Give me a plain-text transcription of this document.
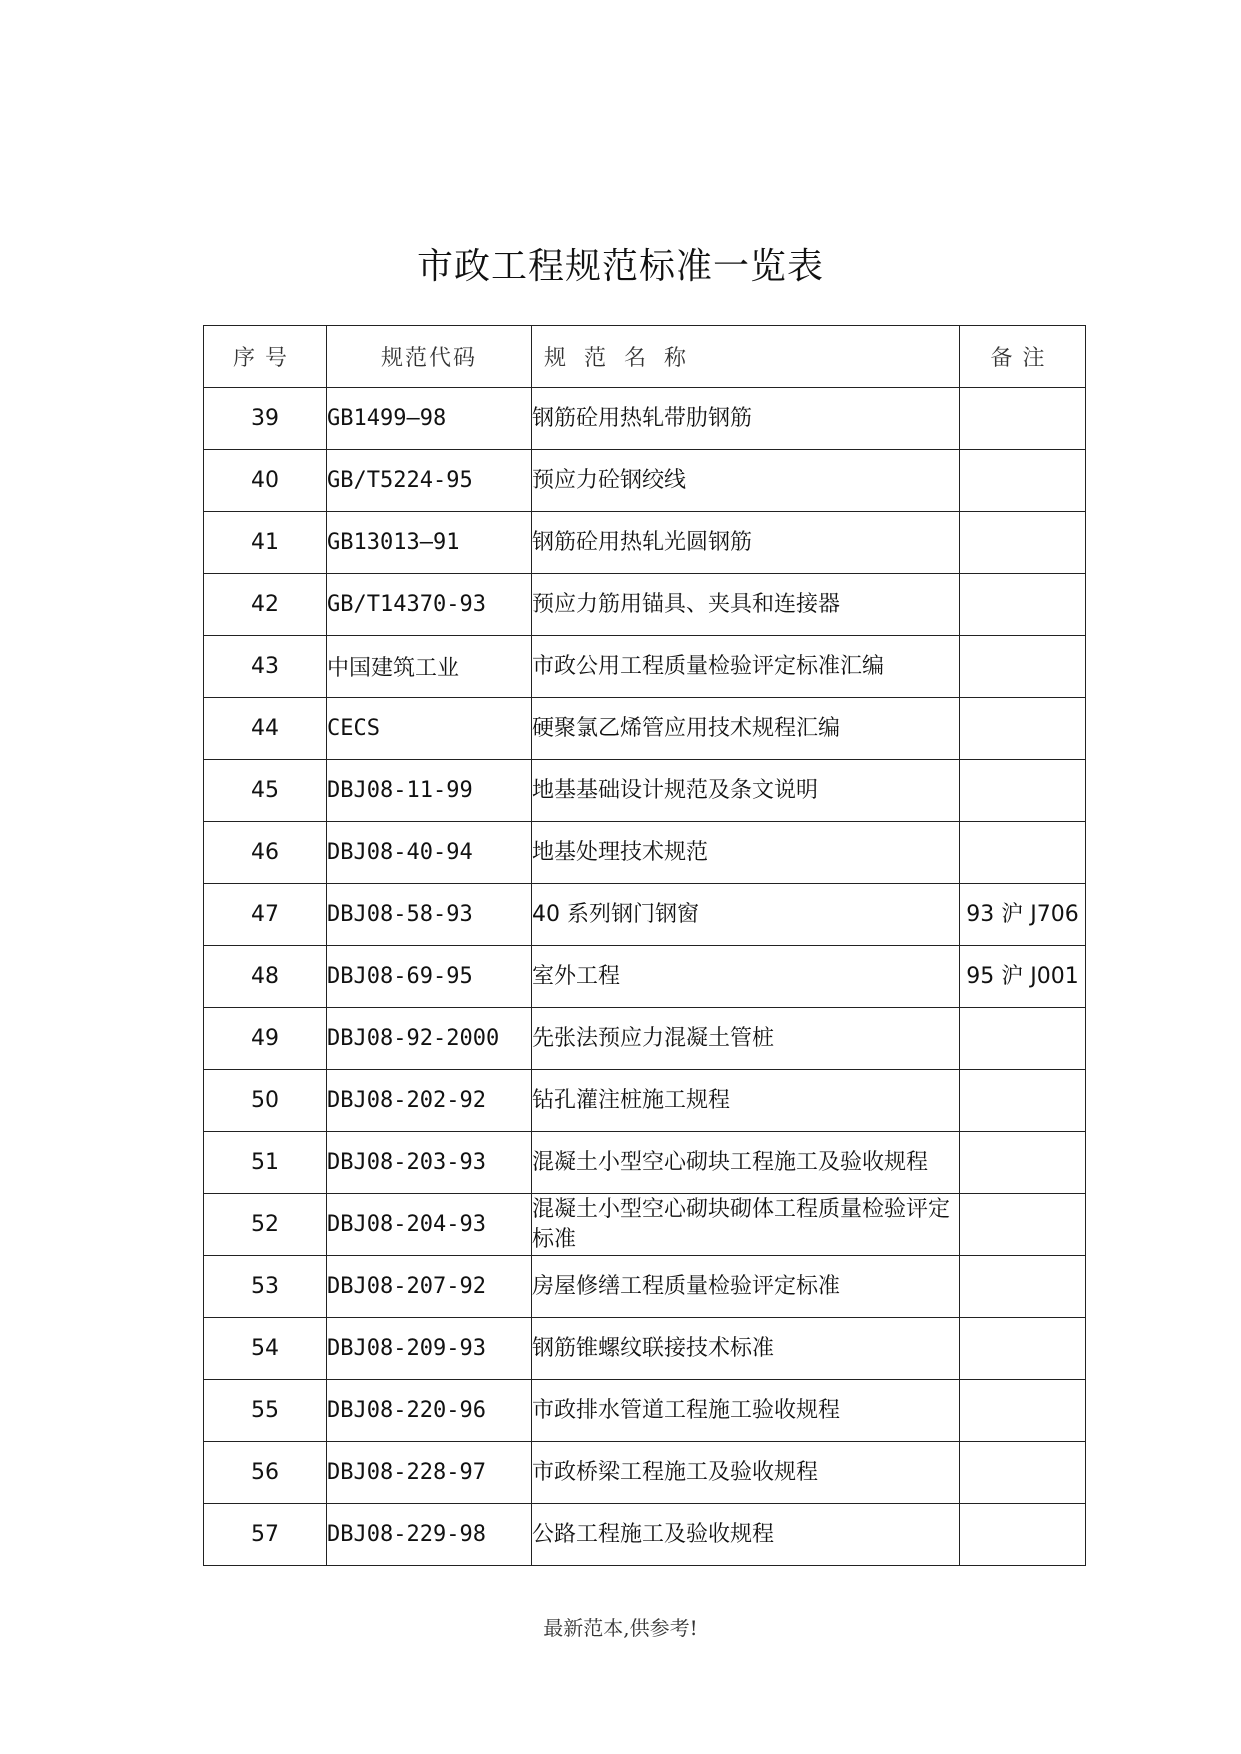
市政工程规范标准一览表
序号	规范代码	规范名称	备注
39	GB1499—98	钢筋砼用热轧带肋钢筋	
40	GB/T5224-95	预应力砼钢绞线	
41	GB13013—91	钢筋砼用热轧光圆钢筋	
42	GB/T14370-93	预应力筋用锚具、夹具和连接器	
43	中国建筑工业	市政公用工程质量检验评定标准汇编	
44	CECS	硬聚氯乙烯管应用技术规程汇编	
45	DBJ08-11-99	地基基础设计规范及条文说明	
46	DBJ08-40-94	地基处理技术规范	
47	DBJ08-58-93	40 系列钢门钢窗	93 沪 J706
48	DBJ08-69-95	室外工程	95 沪 J001
49	DBJ08-92-2000	先张法预应力混凝土管桩	
50	DBJ08-202-92	钻孔灌注桩施工规程	
51	DBJ08-203-93	混凝土小型空心砌块工程施工及验收规程	
52	DBJ08-204-93	混凝土小型空心砌块砌体工程质量检验评定标准	
53	DBJ08-207-92	房屋修缮工程质量检验评定标准	
54	DBJ08-209-93	钢筋锥螺纹联接技术标准	
55	DBJ08-220-96	市政排水管道工程施工验收规程	
56	DBJ08-228-97	市政桥梁工程施工及验收规程	
57	DBJ08-229-98	公路工程施工及验收规程	
最新范本,供参考!
